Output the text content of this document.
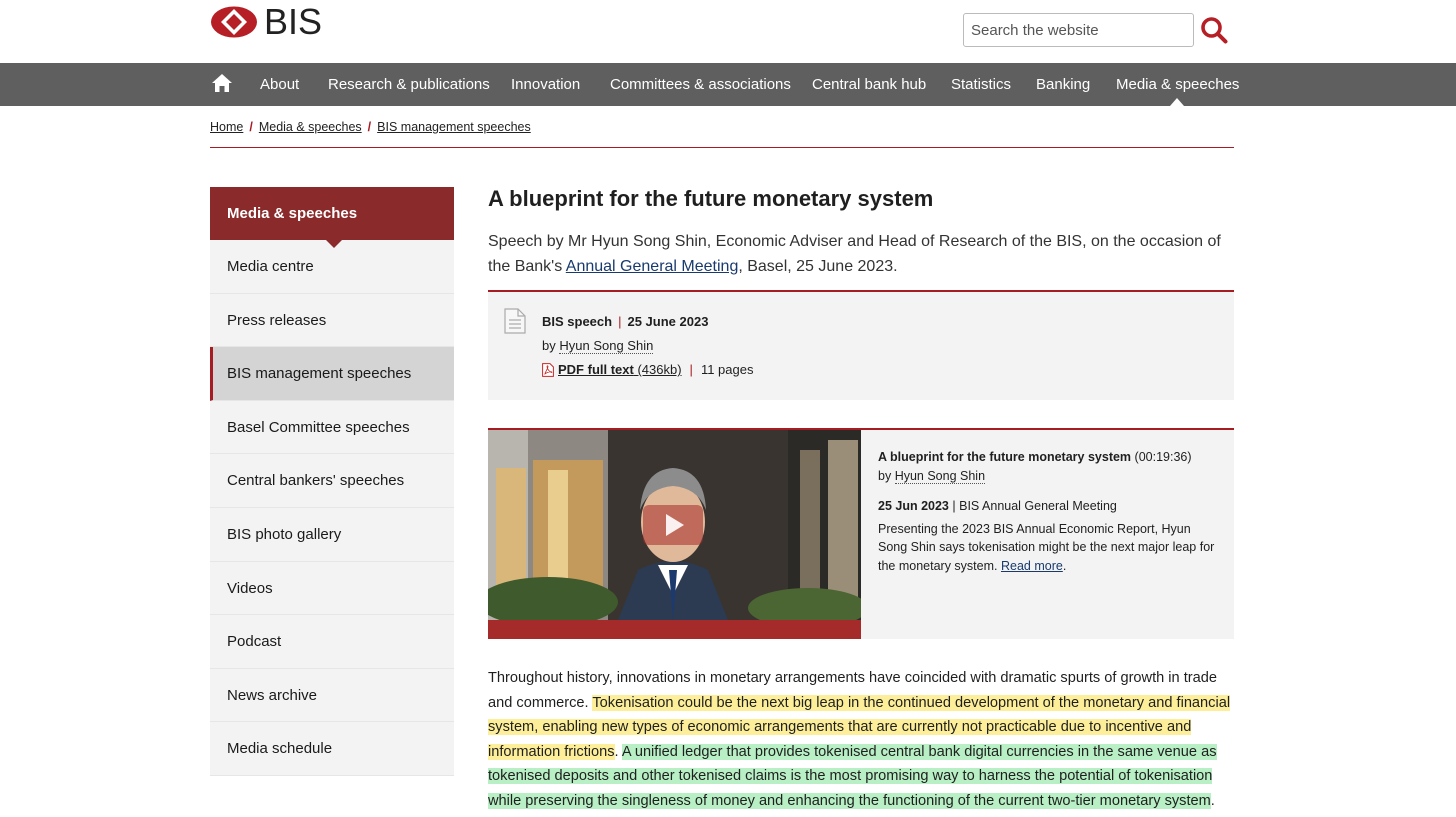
BIS
Search the website
About Research & publications Innovation Committees & associations Central bank hub Statistics Banking Media & speeches
Home / Media & speeches / BIS management speeches
Media & speeches
Media centre
Press releases
BIS management speeches
Basel Committee speeches
Central bankers' speeches
BIS photo gallery
Videos
Podcast
News archive
Media schedule
A blueprint for the future monetary system

Speech by Mr Hyun Song Shin, Economic Adviser and Head of Research of the BIS, on the occasion of the Bank's Annual General Meeting, Basel, 25 June 2023.

BIS speech | 25 June 2023
by Hyun Song Shin
PDF full text (436kb) | 11 pages
A blueprint for the future monetary system (00:19:36)
by Hyun Song Shin
25 Jun 2023 | BIS Annual General Meeting
Presenting the 2023 BIS Annual Economic Report, Hyun Song Shin says tokenisation might be the next major leap for the monetary system. Read more.

Throughout history, innovations in monetary arrangements have coincided with dramatic spurts of growth in trade and commerce. Tokenisation could be the next big leap in the continued development of the monetary and financial system, enabling new types of economic arrangements that are currently not practicable due to incentive and information frictions. A unified ledger that provides tokenised central bank digital currencies in the same venue as tokenised deposits and other tokenised claims is the most promising way to harness the potential of tokenisation while preserving the singleness of money and enhancing the functioning of the current two-tier monetary system.
